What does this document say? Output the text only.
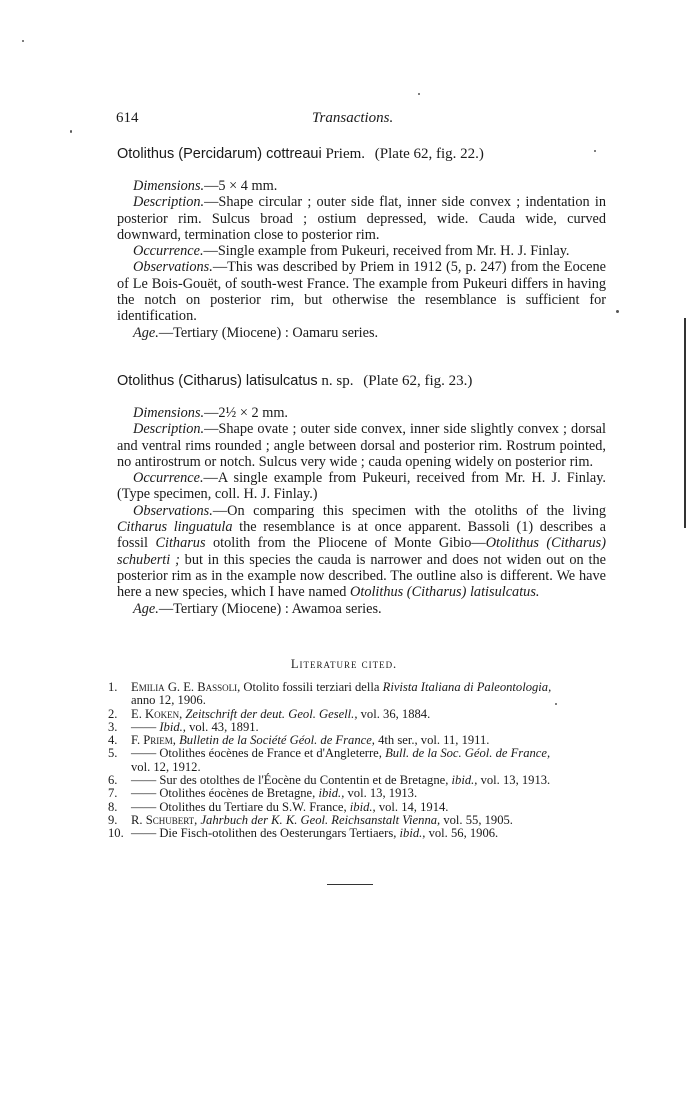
614	Transactions.
Otolithus (Percidarum) cottreaui Priem. (Plate 62, fig. 22.)

Dimensions.—5 × 4 mm.

Description.—Shape circular ; outer side flat, inner side convex ; indentation in posterior rim. Sulcus broad ; ostium depressed, wide. Cauda wide, curved downward, termination close to posterior rim.

Occurrence.—Single example from Pukeuri, received from Mr. H. J. Finlay.

Observations.—This was described by Priem in 1912 (5, p. 247) from the Eocene of Le Bois-Gouët, of south-west France. The example from Pukeuri differs in having the notch on posterior rim, but otherwise the resemblance is sufficient for identification.

Age.—Tertiary (Miocene) : Oamaru series.

Otolithus (Citharus) latisulcatus n. sp. (Plate 62, fig. 23.)

Dimensions.—2½ × 2 mm.

Description.—Shape ovate ; outer side convex, inner side slightly convex ; dorsal and ventral rims rounded ; angle between dorsal and posterior rim. Rostrum pointed, no antirostrum or notch. Sulcus very wide ; cauda opening widely on posterior rim.

Occurrence.—A single example from Pukeuri, received from Mr. H. J. Finlay. (Type specimen, coll. H. J. Finlay.)

Observations.—On comparing this specimen with the otoliths of the living Citharus linguatula the resemblance is at once apparent. Bassoli (1) describes a fossil Citharus otolith from the Pliocene of Monte Gibio—Otolithus (Citharus) schuberti ; but in this species the cauda is narrower and does not widen out on the posterior rim as in the example now described. The outline also is different. We have here a new species, which I have named Otolithus (Citharus) latisulcatus.

Age.—Tertiary (Miocene) : Awamoa series.

Literature cited.
1.	Emilia G. E. Bassoli, Otolito fossili terziari della Rivista Italiana di Paleontologia,
anno 12, 1906.
2.	E. Koken, Zeitschrift der deut. Geol. Gesell., vol. 36, 1884.
3.	—— Ibid., vol. 43, 1891.
4.	F. Priem, Bulletin de la Société Géol. de France, 4th ser., vol. 11, 1911.
5.	—— Otolithes éocènes de France et d'Angleterre, Bull. de la Soc. Géol. de France,
vol. 12, 1912.
6.	—— Sur des otolthes de l'Éocène du Contentin et de Bretagne, ibid., vol. 13, 1913.
7.	—— Otolithes éocènes de Bretagne, ibid., vol. 13, 1913.
8.	—— Otolithes du Tertiare du S.W. France, ibid., vol. 14, 1914.
9.	R. Schubert, Jahrbuch der K. K. Geol. Reichsanstalt Vienna, vol. 55, 1905.
10. —— Die Fisch-otolithen des Oesterungars Tertiaers, ibid., vol. 56, 1906.
